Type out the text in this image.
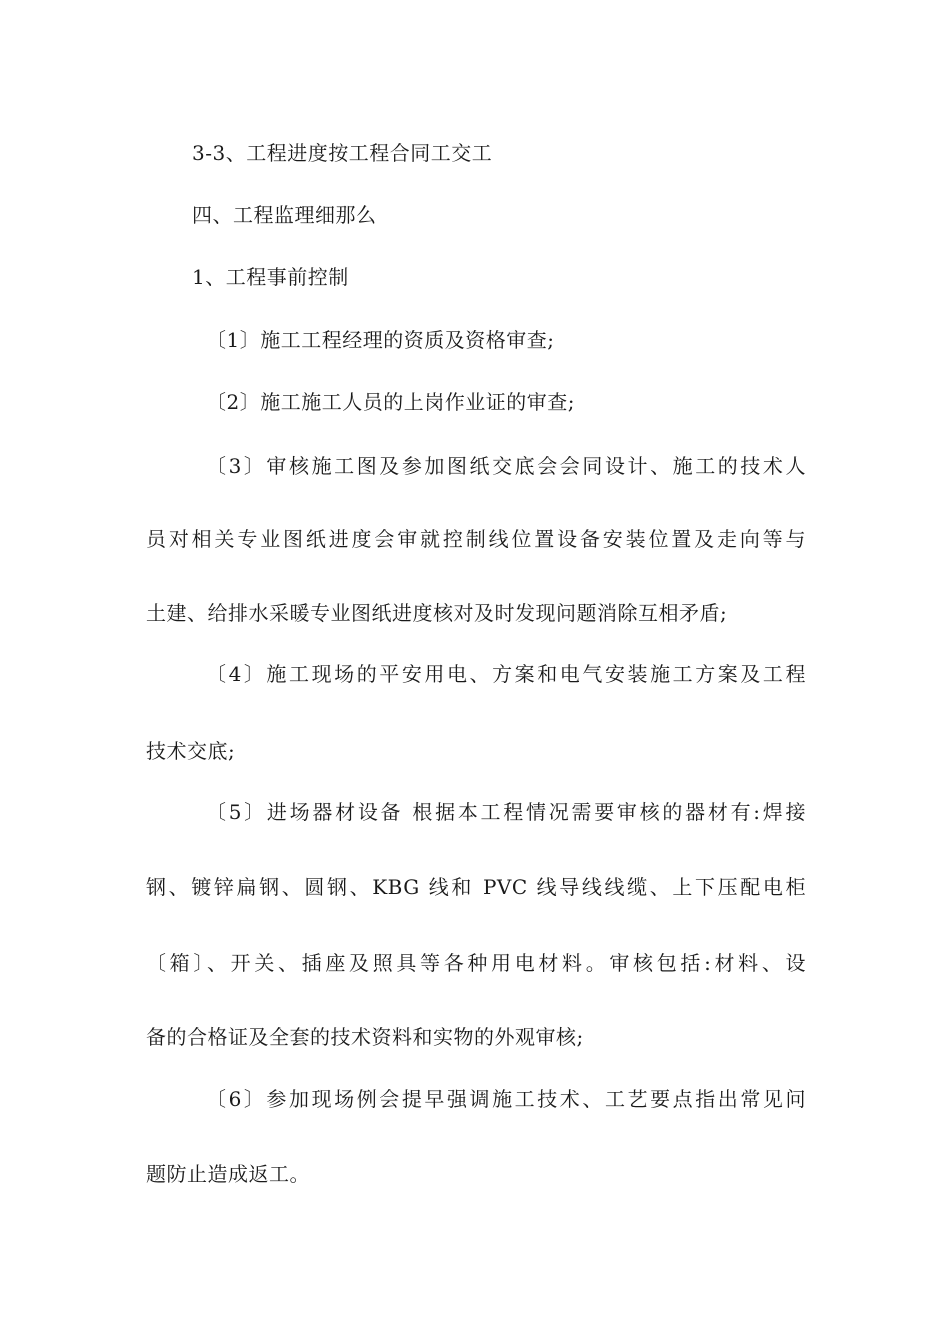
3-3、工程进度按工程合同工交工
四、工程监理细那么
1、工程事前控制
〔1〕施工工程经理的资质及资格审查;
〔2〕施工施工人员的上岗作业证的审查;
〔3〕审核施工图及参加图纸交底会会同设计、施工的技术人
员对相关专业图纸进度会审就控制线位置设备安装位置及走向等与
土建、给排水采暖专业图纸进度核对及时发现问题消除互相矛盾;
〔4〕施工现场的平安用电、方案和电气安装施工方案及工程
技术交底;
〔5〕进场器材设备 根据本工程情况需要审核的器材有:焊接
钢、镀锌扁钢、圆钢、KBG 线和 PVC 线导线线缆、上下压配电柜
〔箱〕、开关、插座及照具等各种用电材料。审核包括:材料、设
备的合格证及全套的技术资料和实物的外观审核;
〔6〕参加现场例会提早强调施工技术、工艺要点指出常见问
题防止造成返工。
